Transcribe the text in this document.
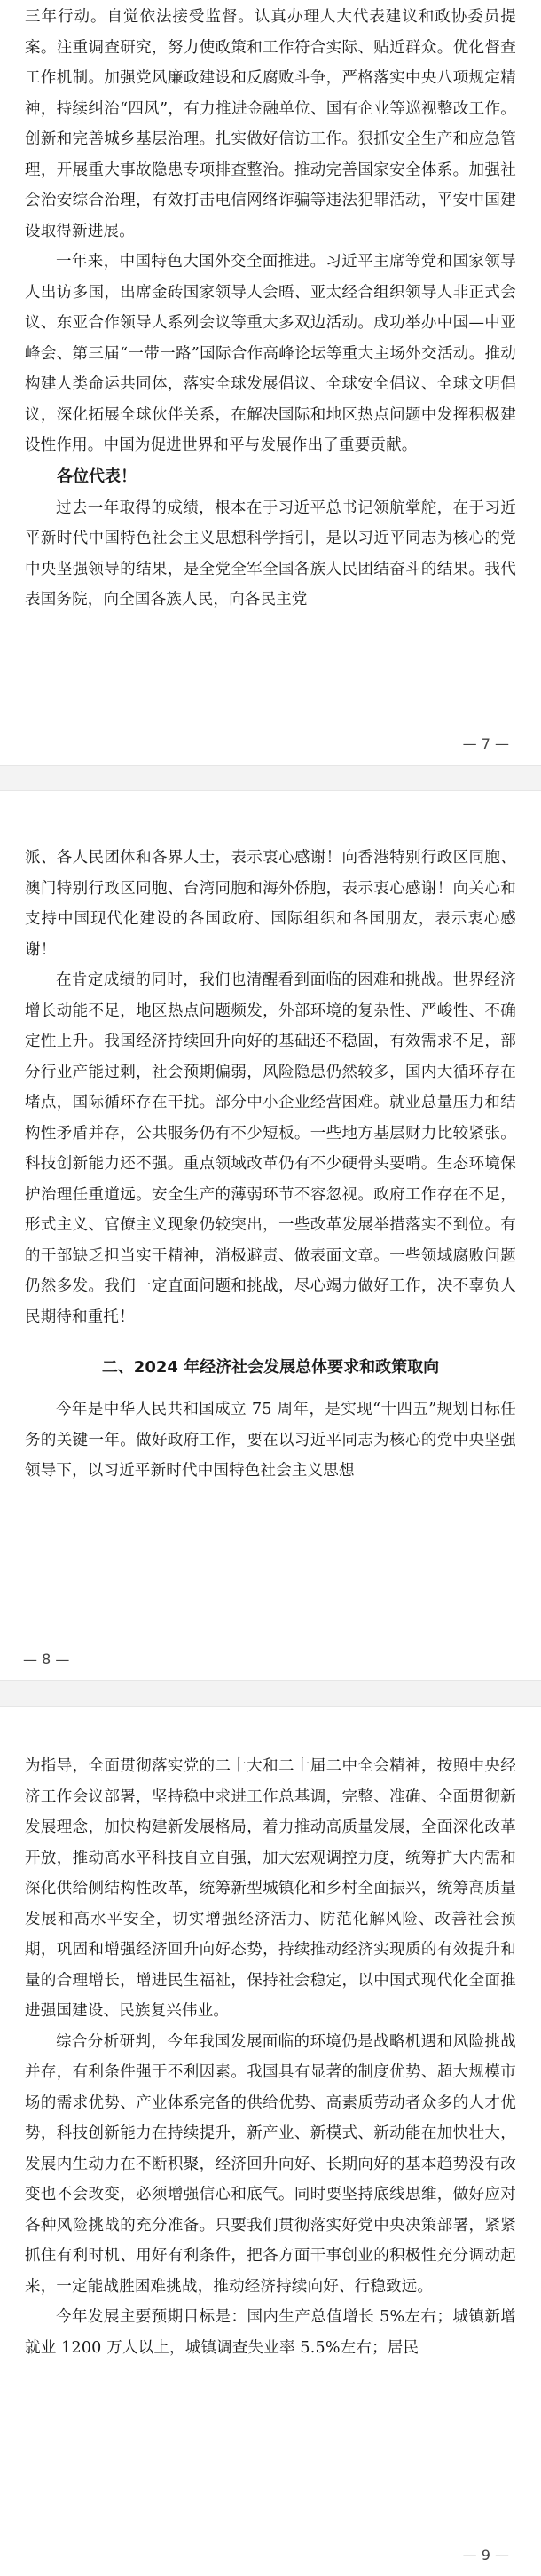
三年行动。自觉依法接受监督。认真办理人大代表建议和政协委员提案。注重调查研究，努力使政策和工作符合实际、贴近群众。优化督查工作机制。加强党风廉政建设和反腐败斗争，严格落实中央八项规定精神，持续纠治“四风”，有力推进金融单位、国有企业等巡视整改工作。创新和完善城乡基层治理。扎实做好信访工作。狠抓安全生产和应急管理，开展重大事故隐患专项排查整治。推动完善国家安全体系。加强社会治安综合治理，有效打击电信网络诈骗等违法犯罪活动，平安中国建设取得新进展。

一年来，中国特色大国外交全面推进。习近平主席等党和国家领导人出访多国，出席金砖国家领导人会晤、亚太经合组织领导人非正式会议、东亚合作领导人系列会议等重大多双边活动。成功举办中国—中亚峰会、第三届“一带一路”国际合作高峰论坛等重大主场外交活动。推动构建人类命运共同体，落实全球发展倡议、全球安全倡议、全球文明倡议，深化拓展全球伙伴关系，在解决国际和地区热点问题中发挥积极建设性作用。中国为促进世界和平与发展作出了重要贡献。

各位代表！

过去一年取得的成绩，根本在于习近平总书记领航掌舵，在于习近平新时代中国特色社会主义思想科学指引，是以习近平同志为核心的党中央坚强领导的结果，是全党全军全国各族人民团结奋斗的结果。我代表国务院，向全国各族人民，向各民主党

— 7 —

派、各人民团体和各界人士，表示衷心感谢！向香港特别行政区同胞、澳门特别行政区同胞、台湾同胞和海外侨胞，表示衷心感谢！向关心和支持中国现代化建设的各国政府、国际组织和各国朋友，表示衷心感谢！

在肯定成绩的同时，我们也清醒看到面临的困难和挑战。世界经济增长动能不足，地区热点问题频发，外部环境的复杂性、严峻性、不确定性上升。我国经济持续回升向好的基础还不稳固，有效需求不足，部分行业产能过剩，社会预期偏弱，风险隐患仍然较多，国内大循环存在堵点，国际循环存在干扰。部分中小企业经营困难。就业总量压力和结构性矛盾并存，公共服务仍有不少短板。一些地方基层财力比较紧张。科技创新能力还不强。重点领域改革仍有不少硬骨头要啃。生态环境保护治理任重道远。安全生产的薄弱环节不容忽视。政府工作存在不足，形式主义、官僚主义现象仍较突出，一些改革发展举措落实不到位。有的干部缺乏担当实干精神，消极避责、做表面文章。一些领域腐败问题仍然多发。我们一定直面问题和挑战，尽心竭力做好工作，决不辜负人民期待和重托！

二、2024 年经济社会发展总体要求和政策取向

今年是中华人民共和国成立 75 周年，是实现“十四五”规划目标任务的关键一年。做好政府工作，要在以习近平同志为核心的党中央坚强领导下，以习近平新时代中国特色社会主义思想

— 8 —

为指导，全面贯彻落实党的二十大和二十届二中全会精神，按照中央经济工作会议部署，坚持稳中求进工作总基调，完整、准确、全面贯彻新发展理念，加快构建新发展格局，着力推动高质量发展，全面深化改革开放，推动高水平科技自立自强，加大宏观调控力度，统筹扩大内需和深化供给侧结构性改革，统筹新型城镇化和乡村全面振兴，统筹高质量发展和高水平安全，切实增强经济活力、防范化解风险、改善社会预期，巩固和增强经济回升向好态势，持续推动经济实现质的有效提升和量的合理增长，增进民生福祉，保持社会稳定，以中国式现代化全面推进强国建设、民族复兴伟业。

综合分析研判，今年我国发展面临的环境仍是战略机遇和风险挑战并存，有利条件强于不利因素。我国具有显著的制度优势、超大规模市场的需求优势、产业体系完备的供给优势、高素质劳动者众多的人才优势，科技创新能力在持续提升，新产业、新模式、新动能在加快壮大，发展内生动力在不断积聚，经济回升向好、长期向好的基本趋势没有改变也不会改变，必须增强信心和底气。同时要坚持底线思维，做好应对各种风险挑战的充分准备。只要我们贯彻落实好党中央决策部署，紧紧抓住有利时机、用好有利条件，把各方面干事创业的积极性充分调动起来，一定能战胜困难挑战，推动经济持续向好、行稳致远。

今年发展主要预期目标是：国内生产总值增长 5%左右；城镇新增就业 1200 万人以上，城镇调查失业率 5.5%左右；居民

— 9 —
